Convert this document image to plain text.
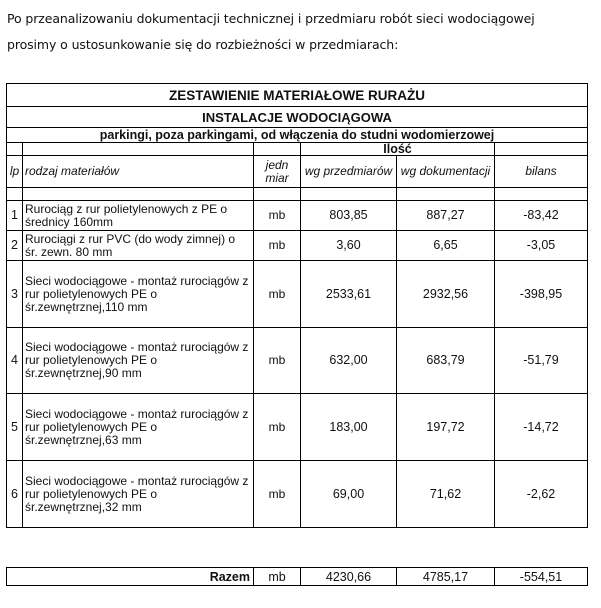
Po przeanalizowaniu dokumentacji technicznej i przedmiaru robót sieci wodociągowej
prosimy o ustosunkowanie się do rozbieżności w przedmiarach:
ZESTAWIENIE MATERIAŁOWE RURAŻU					
INSTALACJE WODOCIĄGOWA					
parkingi, poza parkingami, od włączenia do studni wodomierzowej					
			Ilość		
lp	rodzaj materiałów	jedn miar	wg przedmiarów	wg dokumentacji	bilans

1	Rurociąg z rur polietylenowych z PE o średnicy 160mm	mb	803,85	887,27	-83,42
2	Rurociągi z rur PVC (do wody zimnej) o śr. zewn. 80 mm	mb	3,60	6,65	-3,05
3	Sieci wodociągowe - montaż rurociągów z rur polietylenowych PE o śr.zewnętrznej,110 mm	mb	2533,61	2932,56	-398,95
4	Sieci wodociągowe - montaż rurociągów z rur polietylenowych PE o śr.zewnętrznej,90 mm	mb	632,00	683,79	-51,79
5	Sieci wodociągowe - montaż rurociągów z rur polietylenowych PE o śr.zewnętrznej,63 mm	mb	183,00	197,72	-14,72
6	Sieci wodociągowe - montaż rurociągów z rur polietylenowych PE o śr.zewnętrznej,32 mm	mb	69,00	71,62	-2,62
Razem	mb	4230,66	4785,17	-554,51
